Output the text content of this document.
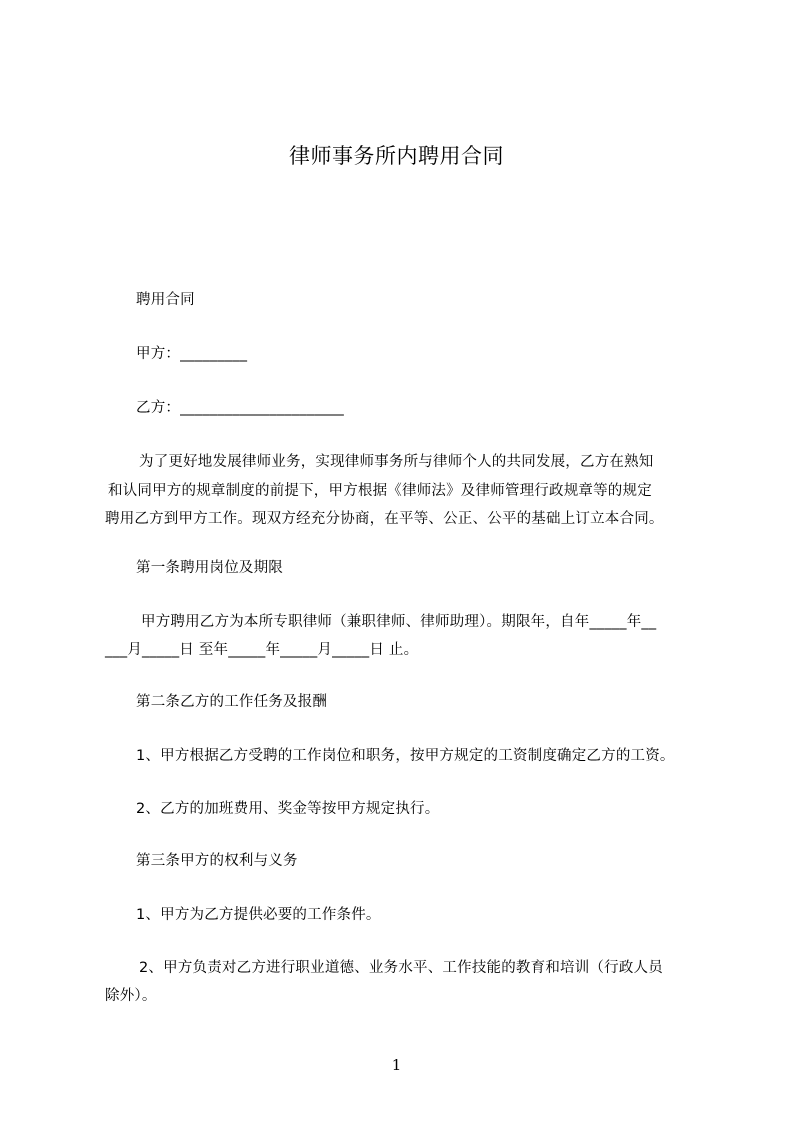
律师事务所内聘用合同
聘用合同
甲方：_________
乙方：______________________
为了更好地发展律师业务，实现律师事务所与律师个人的共同发展，乙方在熟知
和认同甲方的规章制度的前提下，甲方根据《律师法》及律师管理行政规章等的规定
聘用乙方到甲方工作。现双方经充分协商，在平等、公正、公平的基础上订立本合同。
第一条聘用岗位及期限
甲方聘用乙方为本所专职律师（兼职律师、律师助理）。期限年，自年_____年__
___月_____日 至年_____年_____月_____日 止。
第二条乙方的工作任务及报酬
1、甲方根据乙方受聘的工作岗位和职务，按甲方规定的工资制度确定乙方的工资。
2、乙方的加班费用、奖金等按甲方规定执行。
第三条甲方的权利与义务
1、甲方为乙方提供必要的工作条件。
2、甲方负责对乙方进行职业道德、业务水平、工作技能的教育和培训（行政人员
除外）。
1
